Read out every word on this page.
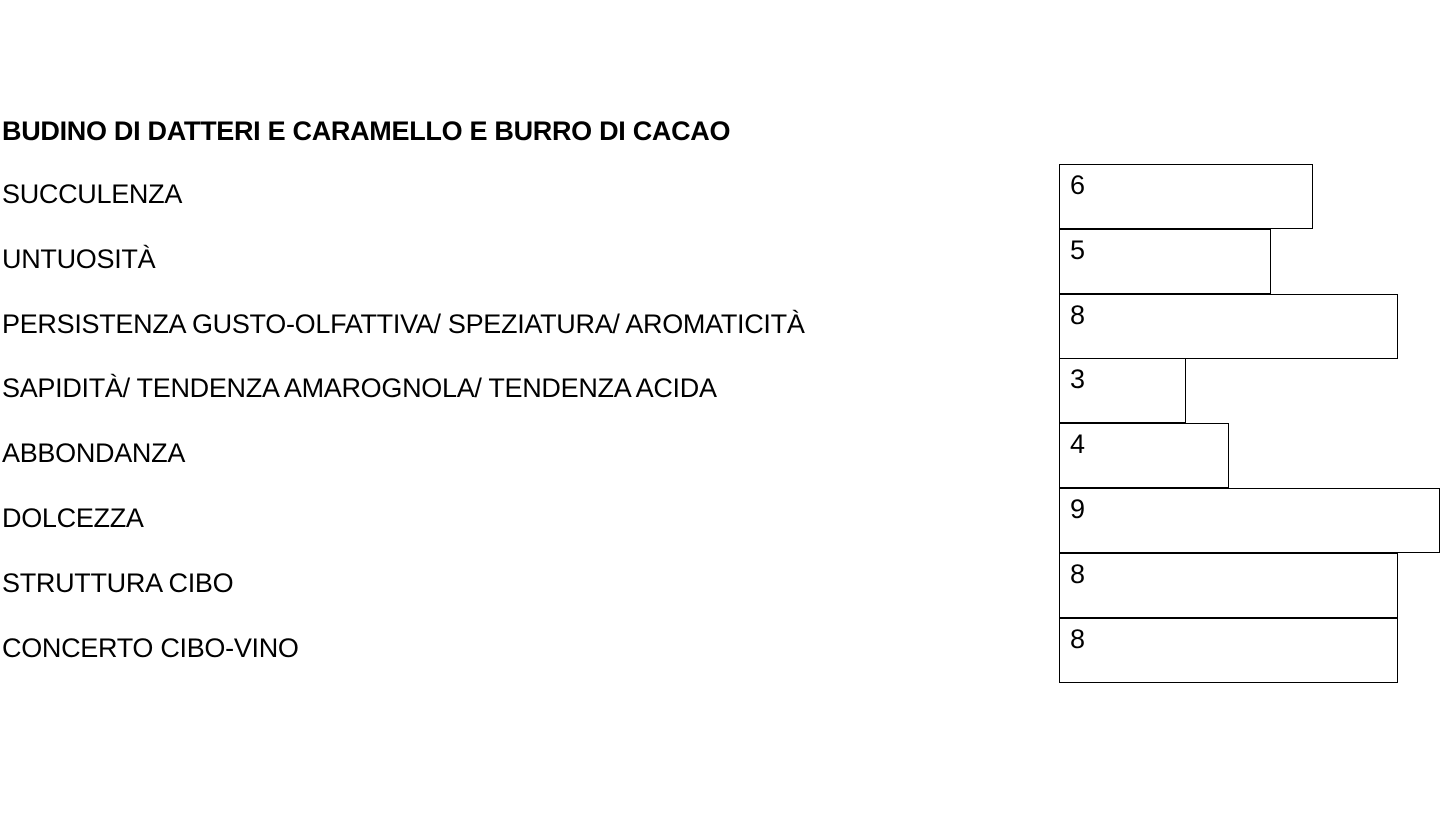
BUDINO DI DATTERI E CARAMELLO E BURRO DI CACAO
SUCCULENZA	6
UNTUOSITÀ	5
PERSISTENZA GUSTO-OLFATTIVA/ SPEZIATURA/ AROMATICITÀ	8
SAPIDITÀ/ TENDENZA AMAROGNOLA/ TENDENZA ACIDA	3
ABBONDANZA	4
DOLCEZZA	9
STRUTTURA CIBO	8
CONCERTO CIBO-VINO	8
